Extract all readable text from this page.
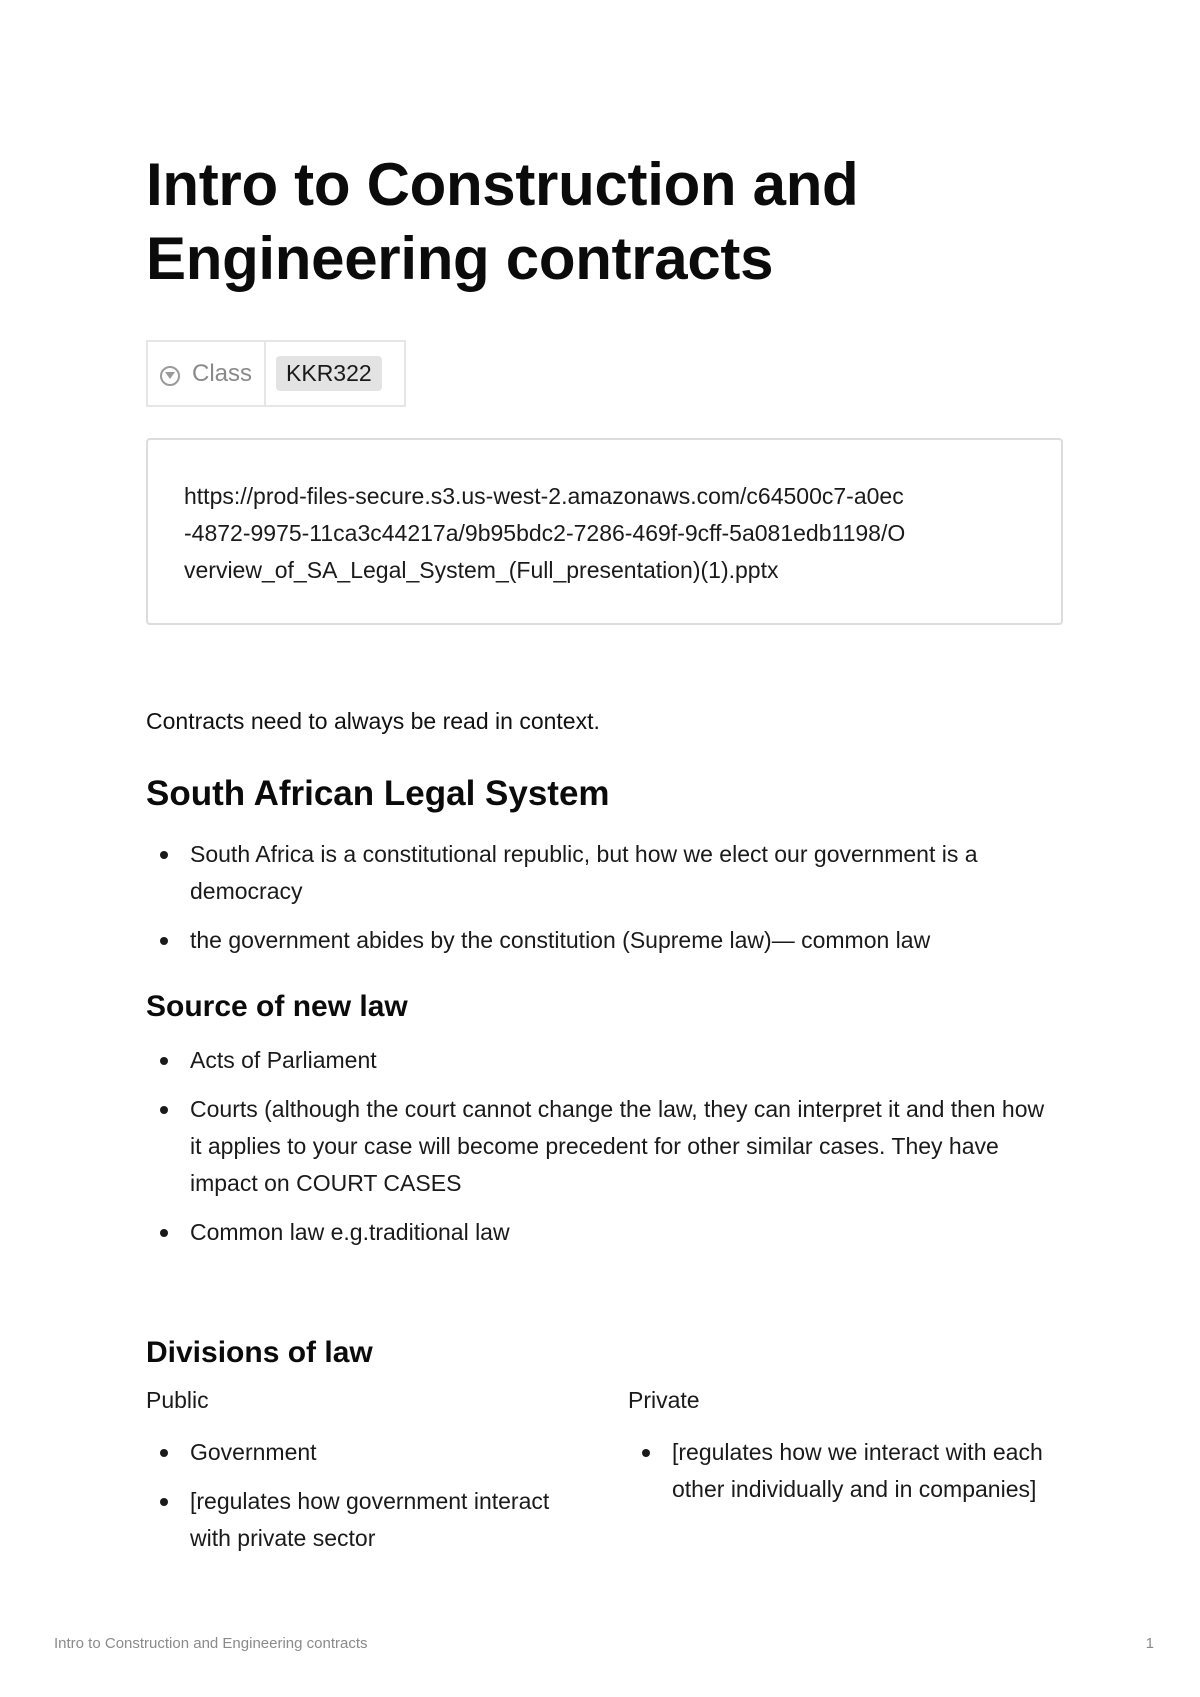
Intro to Construction and
Engineering contracts
Class	KKR322
https://prod-files-secure.s3.us-west-2.amazonaws.com/c64500c7-a0ec
-4872-9975-11ca3c44217a/9b95bdc2-7286-469f-9cff-5a081edb1198/O
verview_of_SA_Legal_System_(Full_presentation)(1).pptx

Contracts need to always be read in context.

South African Legal System
South Africa is a constitutional republic, but how we elect our government is a democracy
the government abides by the constitution (Supreme law)— common law
Source of new law
Acts of Parliament
Courts (although the court cannot change the law, they can interpret it and then how it applies to your case will become precedent for other similar cases. They have impact on COURT CASES
Common law e.g.traditional law
Divisions of law

Public

Government
[regulates how government interact with private sector

Private

[regulates how we interact with each other individually and in companies]
Intro to Construction and Engineering contracts	1
